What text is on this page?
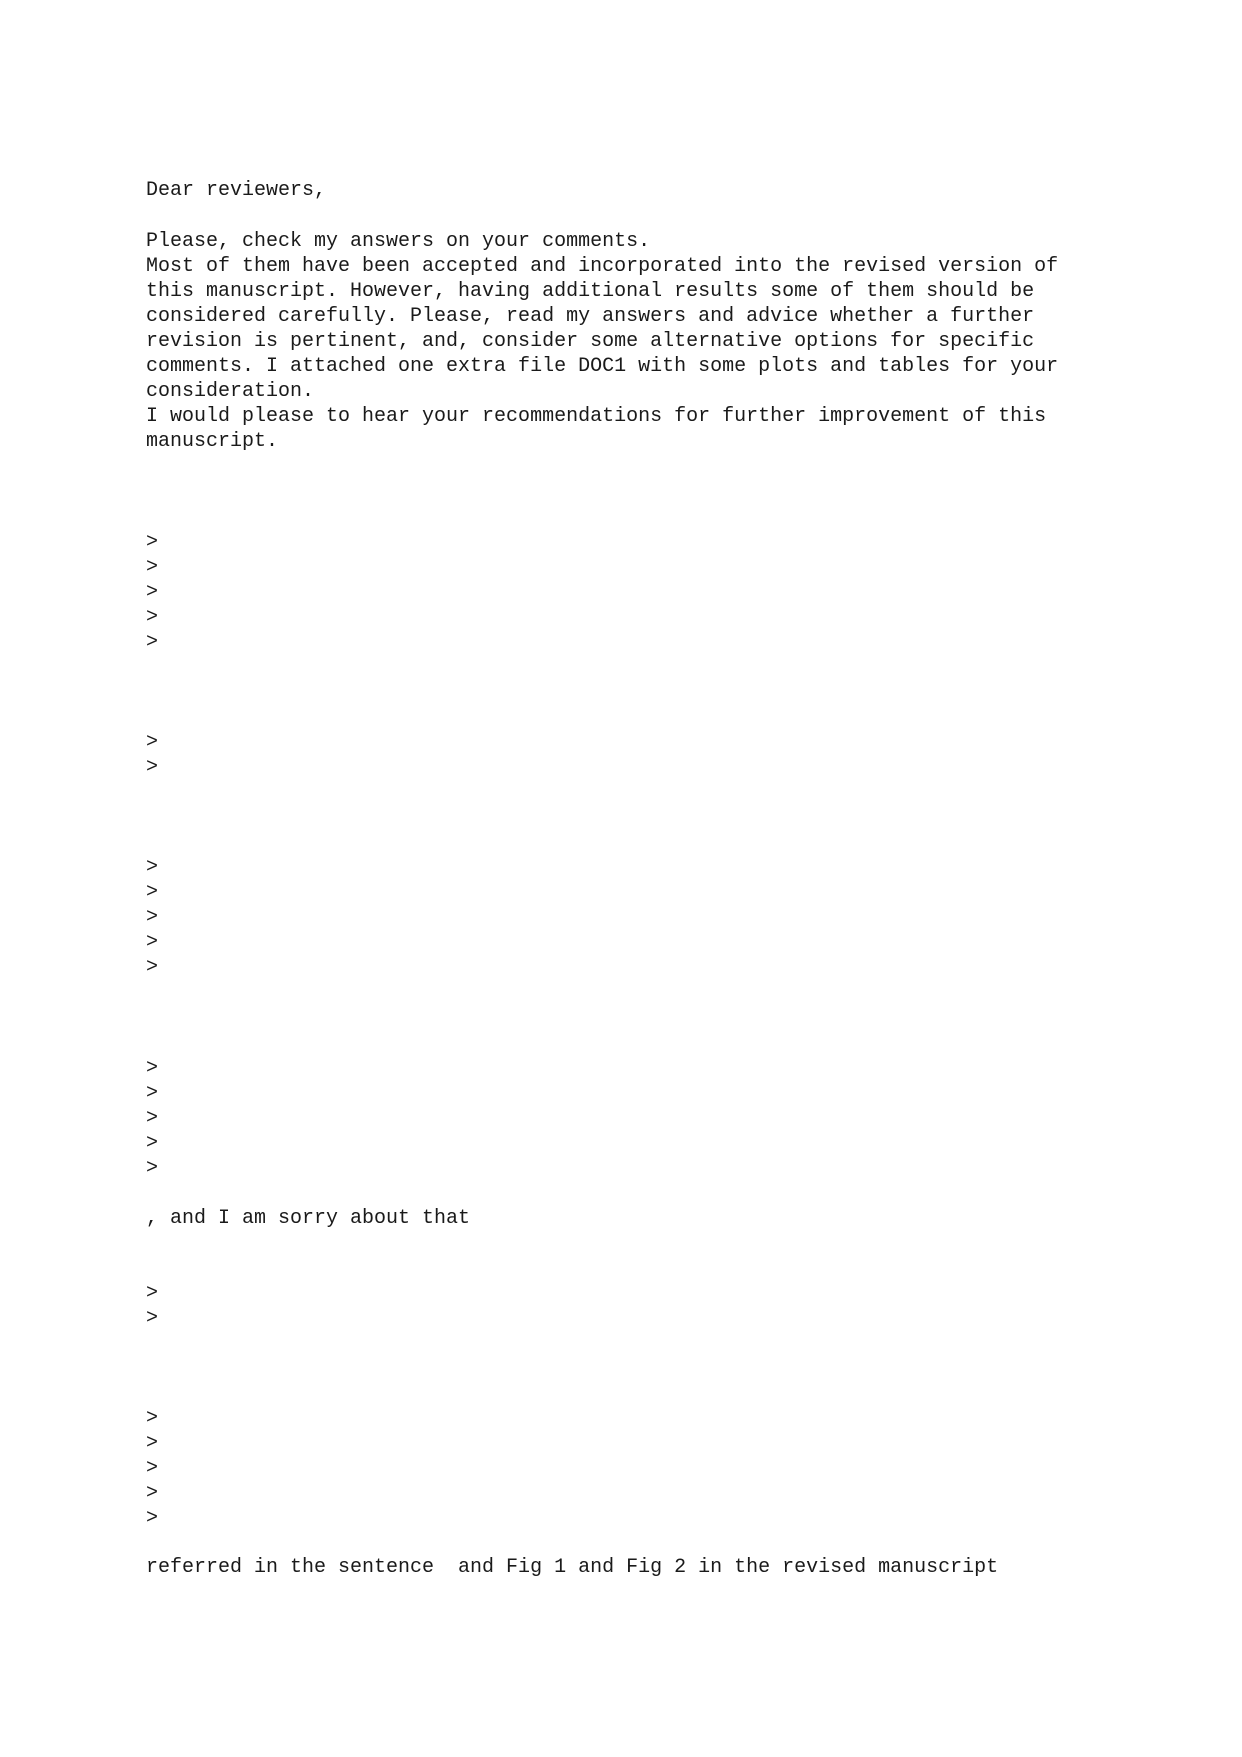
Dear reviewers,

Please, check my answers on your comments.

Most of them have been accepted and incorporated into the revised version of

this manuscript. However, having additional results some of them should be

considered carefully. Please, read my answers and advice whether a further

revision is pertinent, and, consider some alternative options for specific

comments. I attached one extra file DOC1 with some plots and tables for your

consideration.

I would please to hear your recommendations for further improvement of this

manuscript.

>

>

>

>

>

>

>

>

>

>

>

>

>

>

>

>

>

, and I am sorry about that

>

>

>

>

>

>

>

referred in the sentence  and Fig 1 and Fig 2 in the revised manuscript
